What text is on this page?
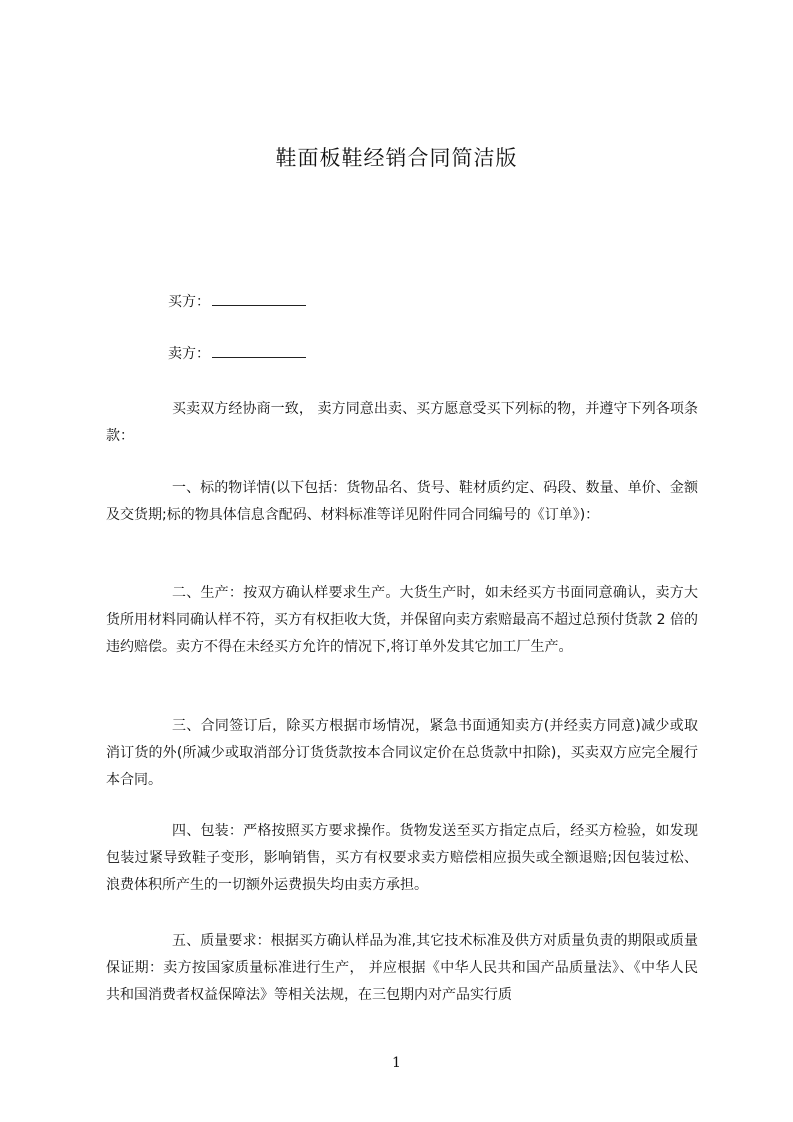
鞋面板鞋经销合同简洁版
买方：
卖方：
买卖双方经协商一致， 卖方同意出卖、买方愿意受买下列标的物，并遵守下列各项条款：
一、标的物详情(以下包括：货物品名、货号、鞋材质约定、码段、数量、单价、金额及交货期;标的物具体信息含配码、材料标准等详见附件同合同编号的《订单》)：
二、生产：按双方确认样要求生产。大货生产时，如未经买方书面同意确认，卖方大货所用材料同确认样不符，买方有权拒收大货，并保留向卖方索赔最高不超过总预付货款 2 倍的违约赔偿。卖方不得在未经买方允许的情况下,将订单外发其它加工厂生产。
三、合同签订后，除买方根据市场情况，紧急书面通知卖方(并经卖方同意)减少或取消订货的外(所减少或取消部分订货货款按本合同议定价在总货款中扣除)，买卖双方应完全履行本合同。
四、包装：严格按照买方要求操作。货物发送至买方指定点后，经买方检验，如发现包装过紧导致鞋子变形，影响销售，买方有权要求卖方赔偿相应损失或全额退赔;因包装过松、浪费体积所产生的一切额外运费损失均由卖方承担。
五、质量要求：根据买方确认样品为准,其它技术标准及供方对质量负责的期限或质量保证期：卖方按国家质量标准进行生产， 并应根据《中华人民共和国产品质量法》、《中华人民共和国消费者权益保障法》等相关法规，在三包期内对产品实行质
1
